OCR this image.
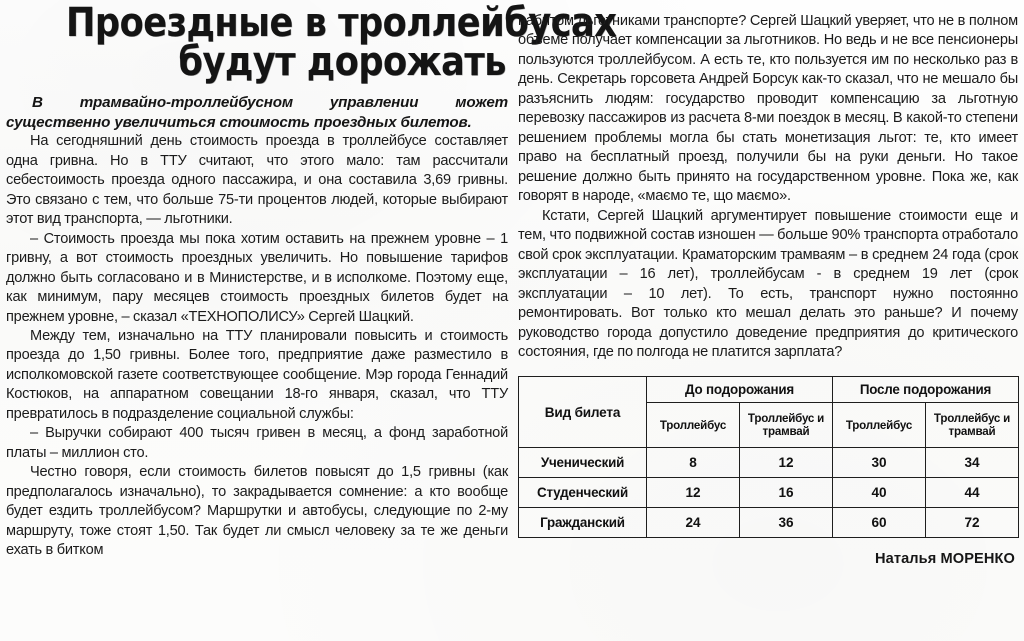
Проездные в троллейбусах
будут дорожать

В трамвайно-троллейбусном управлении может существенно увеличиться стоимость проездных билетов.

На сегодняшний день стоимость проезда в троллейбусе составляет одна гривна. Но в ТТУ считают, что этого мало: там рассчитали себестоимость проезда одного пассажира, и она составила 3,69 гривны. Это связано с тем, что больше 75-ти процентов людей, которые выбирают этот вид транспорта, — льготники.

– Стоимость проезда мы пока хотим оставить на прежнем уровне – 1 гривну, а вот стоимость проездных увеличить. Но повышение тарифов должно быть согласовано и в Министерстве, и в исполкоме. Поэтому еще, как минимум, пару месяцев стоимость проездных билетов будет на прежнем уровне, – сказал «ТЕХНОПОЛИСУ» Сергей Шацкий.

Между тем, изначально на ТТУ планировали повысить и стоимость проезда до 1,50 гривны. Более того, предприятие даже разместило в исполкомовской газете соответствующее сообщение. Мэр города Геннадий Костюков, на аппаратном совещании 18-го января, сказал, что ТТУ превратилось в подразделение социальной службы:

– Выручки собирают 400 тысяч гривен в месяц, а фонд заработной платы – миллион сто.

Честно говоря, если стоимость билетов повысят до 1,5 гривны (как предполагалось изначально), то закрадывается сомнение: а кто вообще будет ездить троллейбусом? Маршрутки и автобусы, следующие по 2-му маршруту, тоже стоят 1,50. Так будет ли смысл человеку за те же деньги ехать в битком

набитом льготниками транспорте? Сергей Шацкий уверяет, что не в полном объеме получает компенсации за льготников. Но ведь и не все пенсионеры пользуются троллейбусом. А есть те, кто пользуется им по несколько раз в день. Секретарь горсовета Андрей Борсук как-то сказал, что не мешало бы разъяснить людям: государство проводит компенсацию за льготную перевозку пассажиров из расчета 8-ми поездок в месяц. В какой-то степени решением проблемы могла бы стать монетизация льгот: те, кто имеет право на бесплатный проезд, получили бы на руки деньги. Но такое решение должно быть принято на государственном уровне. Пока же, как говорят в народе, «маємо те, що маємо».

Кстати, Сергей Шацкий аргументирует повышение стоимости еще и тем, что подвижной состав изношен — больше 90% транспорта отработало свой срок эксплуатации. Краматорским трамваям – в среднем 24 года (срок эксплуатации – 16 лет), троллейбусам - в среднем 19 лет (срок эксплуатации – 10 лет). То есть, транспорт нужно постоянно ремонтировать. Вот только кто мешал делать это раньше? И почему руководство города допустило доведение предприятия до критического состояния, где по полгода не платится зарплата?

Вид билета	До подорожания		После подорожания	
	Троллейбус	Троллейбус и трамвай	Троллейбус	Троллейбус и трамвай
Ученический	8	12	30	34
Студенческий	12	16	40	44
Гражданский	24	36	60	72
Наталья МОРЕНКО
